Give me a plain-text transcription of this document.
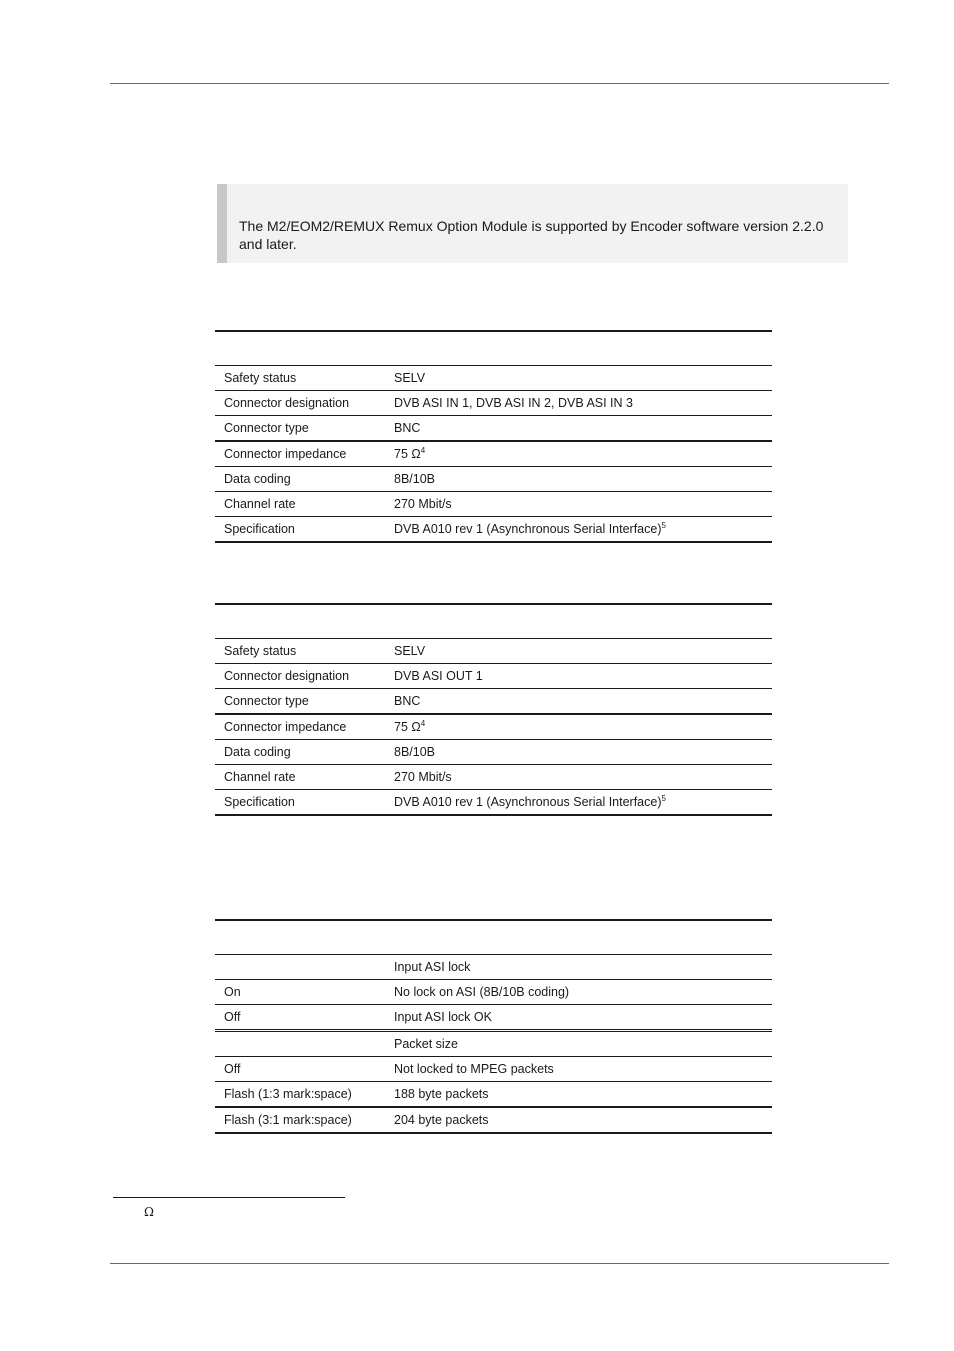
The M2/EOM2/REMUX Remux Option Module is supported by Encoder software version 2.2.0 and later.

Safety status	SELV
Connector designation	DVB ASI IN 1, DVB ASI IN 2, DVB ASI IN 3
Connector type	BNC
Connector impedance	75 $\Omega^4$
Data coding	8B/10B
Channel rate	270 Mbit/s
Specification	DVB A010 rev 1 (Asynchronous Serial Interface)$^5$

Safety status	SELV
Connector designation	DVB ASI OUT 1
Connector type	BNC
Connector impedance	75 $\Omega^4$
Data coding	8B/10B
Channel rate	270 Mbit/s
Specification	DVB A010 rev 1 (Asynchronous Serial Interface)$^5$

	Input ASI lock
On	No lock on ASI (8B/10B coding)
Off	Input ASI lock OK
	Packet size
Off	Not locked to MPEG packets
Flash (1:3 mark:space)	188 byte packets
Flash (3:1 mark:space)	204 byte packets
Ω
